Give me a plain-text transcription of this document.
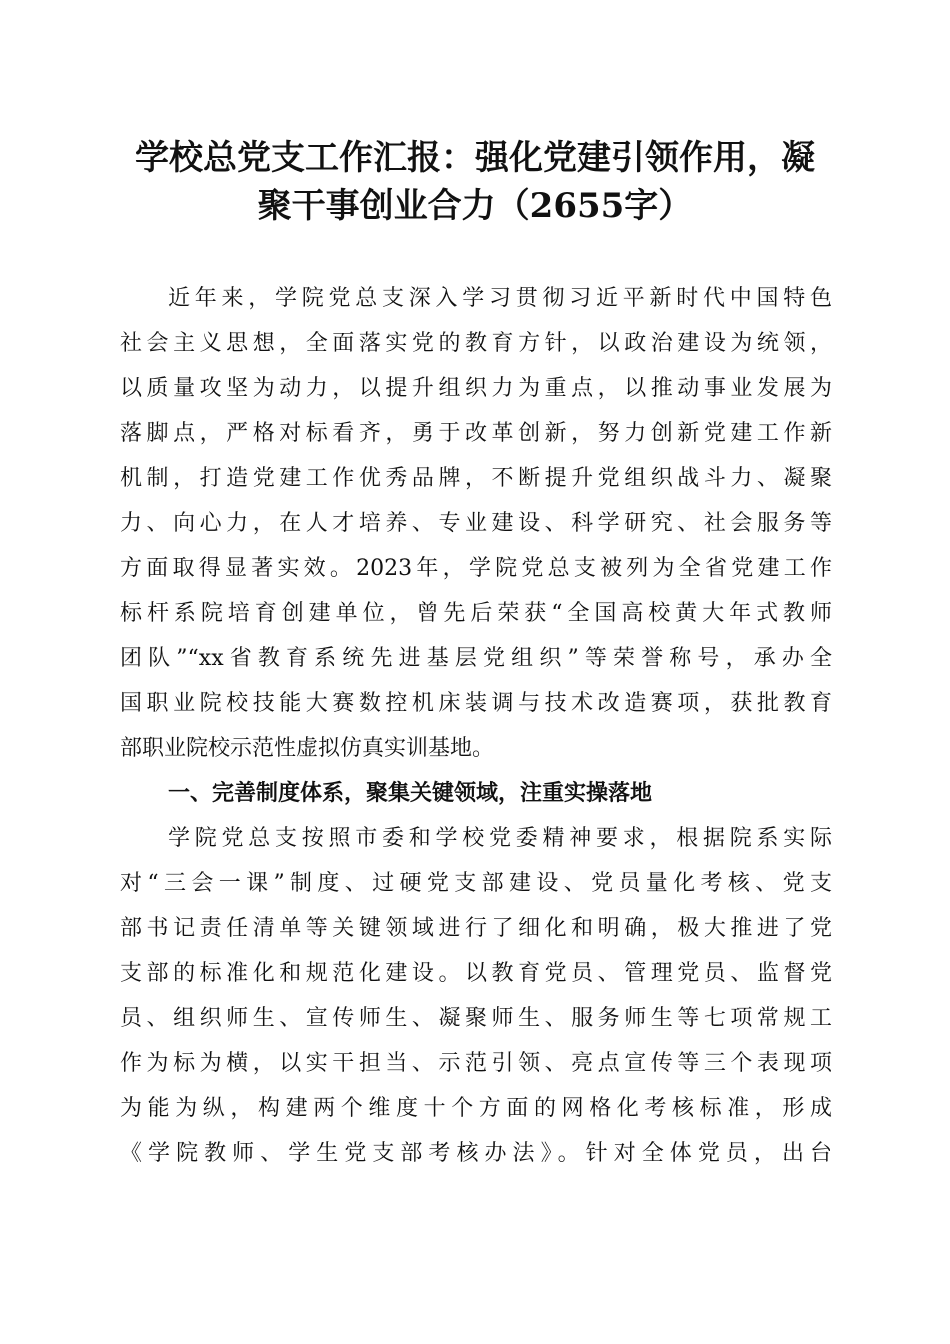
学校总党支工作汇报：强化党建引领作用，凝
聚干事创业合力（2655字）
近年来，学院党总支深入学习贯彻习近平新时代中国特色
社会主义思想，全面落实党的教育方针，以政治建设为统领，
以质量攻坚为动力，以提升组织力为重点，以推动事业发展为
落脚点，严格对标看齐，勇于改革创新，努力创新党建工作新
机制，打造党建工作优秀品牌，不断提升党组织战斗力、凝聚
力、向心力，在人才培养、专业建设、科学研究、社会服务等
方面取得显著实效。2023年，学院党总支被列为全省党建工作
标杆系院培育创建单位，曾先后荣获“全国高校黄大年式教师
团队”“xx省教育系统先进基层党组织”等荣誉称号，承办全
国职业院校技能大赛数控机床装调与技术改造赛项，获批教育
部职业院校示范性虚拟仿真实训基地。
一、完善制度体系，聚集关键领域，注重实操落地
学院党总支按照市委和学校党委精神要求，根据院系实际
对“三会一课”制度、过硬党支部建设、党员量化考核、党支
部书记责任清单等关键领域进行了细化和明确，极大推进了党
支部的标准化和规范化建设。以教育党员、管理党员、监督党
员、组织师生、宣传师生、凝聚师生、服务师生等七项常规工
作为标为横，以实干担当、示范引领、亮点宣传等三个表现项
为能为纵，构建两个维度十个方面的网格化考核标准，形成
《学院教师、学生党支部考核办法》。针对全体党员，出台
